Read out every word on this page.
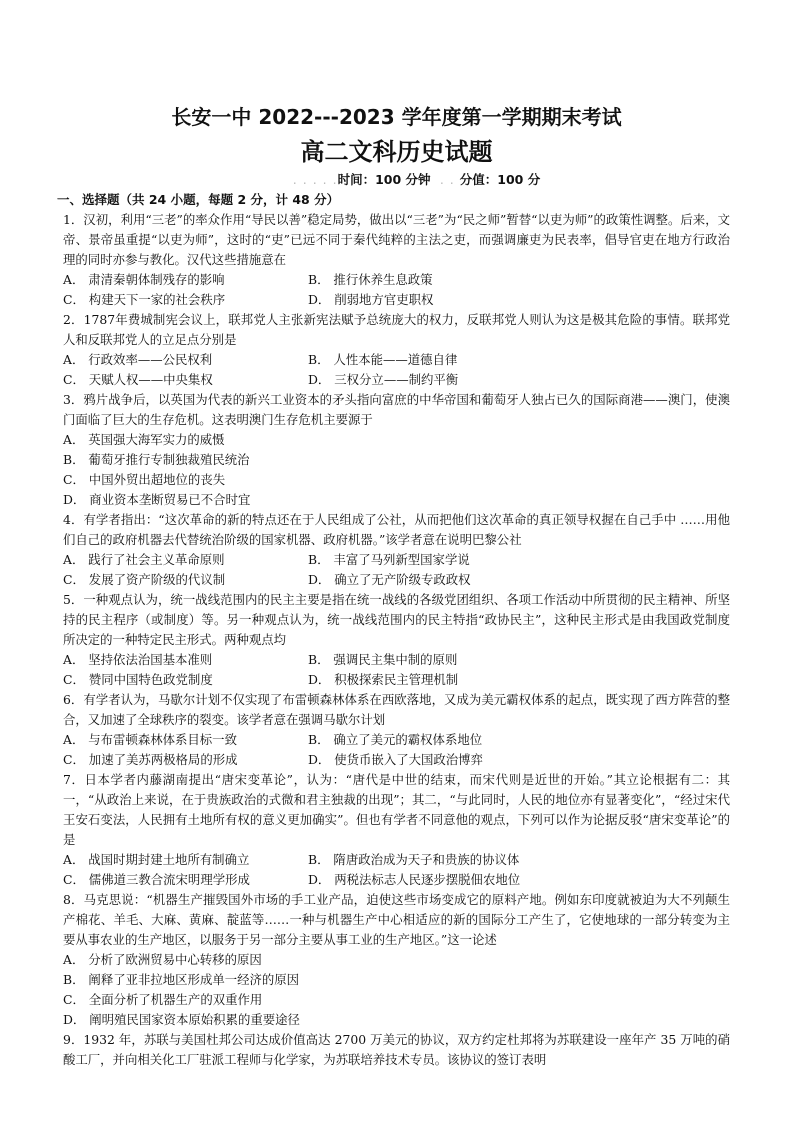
长安一中 2022---2023 学年度第一学期期末考试
高二文科历史试题
. . . . .时间：100 分钟  . . 分值：100 分
一、选择题（共 24 小题，每题 2 分，计 48 分）

1．汉初，利用“三老”的率众作用“导民以善”稳定局势，做出以“三老”为“民之师”暂替“以吏为师”的政策性调整。后来，文帝、景帝虽重提“以吏为师”，这时的“吏”已远不同于秦代纯粹的主法之吏，而强调廉吏为民表率，倡导官吏在地方行政治理的同时亦参与教化。汉代这些措施意在

A． 肃清秦朝体制残存的影响	B． 推行休养生息政策
C． 构建天下一家的社会秩序	D． 削弱地方官吏职权

2．1787年费城制宪会议上，联邦党人主张新宪法赋予总统庞大的权力，反联邦党人则认为这是极其危险的事情。联邦党人和反联邦党人的立足点分别是

A． 行政效率——公民权利	B． 人性本能——道德自律
C． 天赋人权——中央集权	D． 三权分立——制约平衡

3．鸦片战争后，以英国为代表的新兴工业资本的矛头指向富庶的中华帝国和葡萄牙人独占已久的国际商港——澳门，使澳门面临了巨大的生存危机。这表明澳门生存危机主要源于

A． 英国强大海军实力的威慑
B． 葡萄牙推行专制独裁殖民统治
C． 中国外贸出超地位的丧失
D． 商业资本垄断贸易已不合时宜

4．有学者指出：“这次革命的新的特点还在于人民组成了公社，从而把他们这次革命的真正领导权握在自己手中 ……用他们自己的政府机器去代替统治阶级的国家机器、政府机器。”该学者意在说明巴黎公社

A． 践行了社会主义革命原则	B． 丰富了马列新型国家学说
C． 发展了资产阶级的代议制	D． 确立了无产阶级专政政权

5．一种观点认为，统一战线范围内的民主主要是指在统一战线的各级党团组织、各项工作活动中所贯彻的民主精神、所坚持的民主程序（或制度）等。另一种观点认为，统一战线范围内的民主特指“政协民主”，这种民主形式是由我国政党制度所决定的一种特定民主形式。两种观点均

A． 坚持依法治国基本准则	B． 强调民主集中制的原则
C． 赞同中国特色政党制度	D． 积极探索民主管理机制

6．有学者认为，马歇尔计划不仅实现了布雷顿森林体系在西欧落地，又成为美元霸权体系的起点，既实现了西方阵营的整合，又加速了全球秩序的裂变。该学者意在强调马歇尔计划

A． 与布雷顿森林体系目标一致	B． 确立了美元的霸权体系地位
C． 加速了美苏两极格局的形成	D． 使货币嵌入了大国政治博弈

7．日本学者内藤湖南提出“唐宋变革论”，认为：“唐代是中世的结束，而宋代则是近世的开始。”其立论根据有二：其一，“从政治上来说，在于贵族政治的式微和君主独裁的出现”；其二，“与此同时，人民的地位亦有显著变化”，“经过宋代王安石变法，人民拥有土地所有权的意义更加确实”。但也有学者不同意他的观点，下列可以作为论据反驳“唐宋变革论”的是

A． 战国时期封建土地所有制确立	B． 隋唐政治成为天子和贵族的协议体
C． 儒佛道三教合流宋明理学形成	D． 两税法标志人民逐步摆脱佃农地位

8．马克思说：“机器生产摧毁国外市场的手工业产品，迫使这些市场变成它的原料产地。例如东印度就被迫为大不列颠生产棉花、羊毛、大麻、黄麻、靛蓝等……一种与机器生产中心相适应的新的国际分工产生了，它使地球的一部分转变为主要从事农业的生产地区，以服务于另一部分主要从事工业的生产地区。”这一论述

A． 分析了欧洲贸易中心转移的原因
B． 阐释了亚非拉地区形成单一经济的原因
C． 全面分析了机器生产的双重作用
D． 阐明殖民国家资本原始积累的重要途径

9．1932 年，苏联与美国杜邦公司达成价值高达 2700 万美元的协议，双方约定杜邦将为苏联建设一座年产 35 万吨的硝酸工厂，并向相关化工厂驻派工程师与化学家，为苏联培养技术专员。该协议的签订表明
